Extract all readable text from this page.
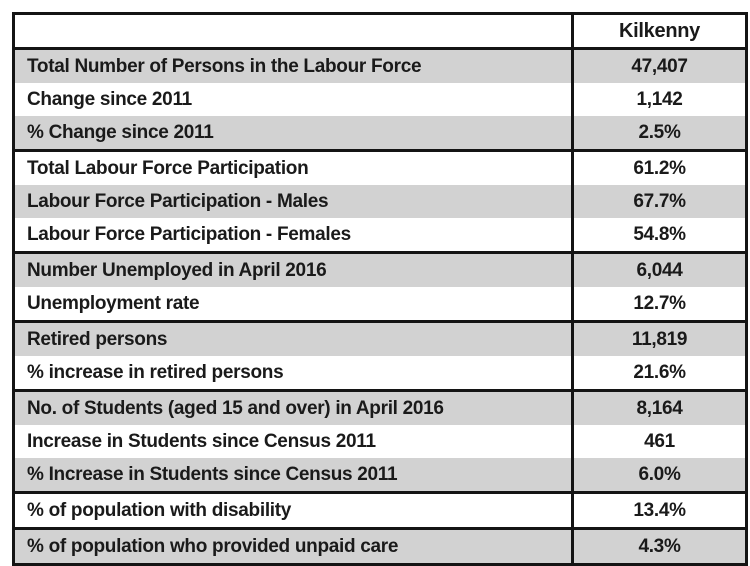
	Kilkenny
Total Number of Persons in the Labour Force	47,407
Change since 2011	1,142
% Change since 2011	2.5%
Total Labour Force Participation	61.2%
Labour Force Participation - Males	67.7%
Labour Force Participation - Females	54.8%
Number Unemployed in April 2016	6,044
Unemployment rate	12.7%
Retired persons	11,819
% increase in retired persons	21.6%
No. of Students (aged 15 and over) in April 2016	8,164
Increase in Students since Census 2011	461
% Increase in Students since Census 2011	6.0%
% of population with disability	13.4%
% of population who provided unpaid care	4.3%
